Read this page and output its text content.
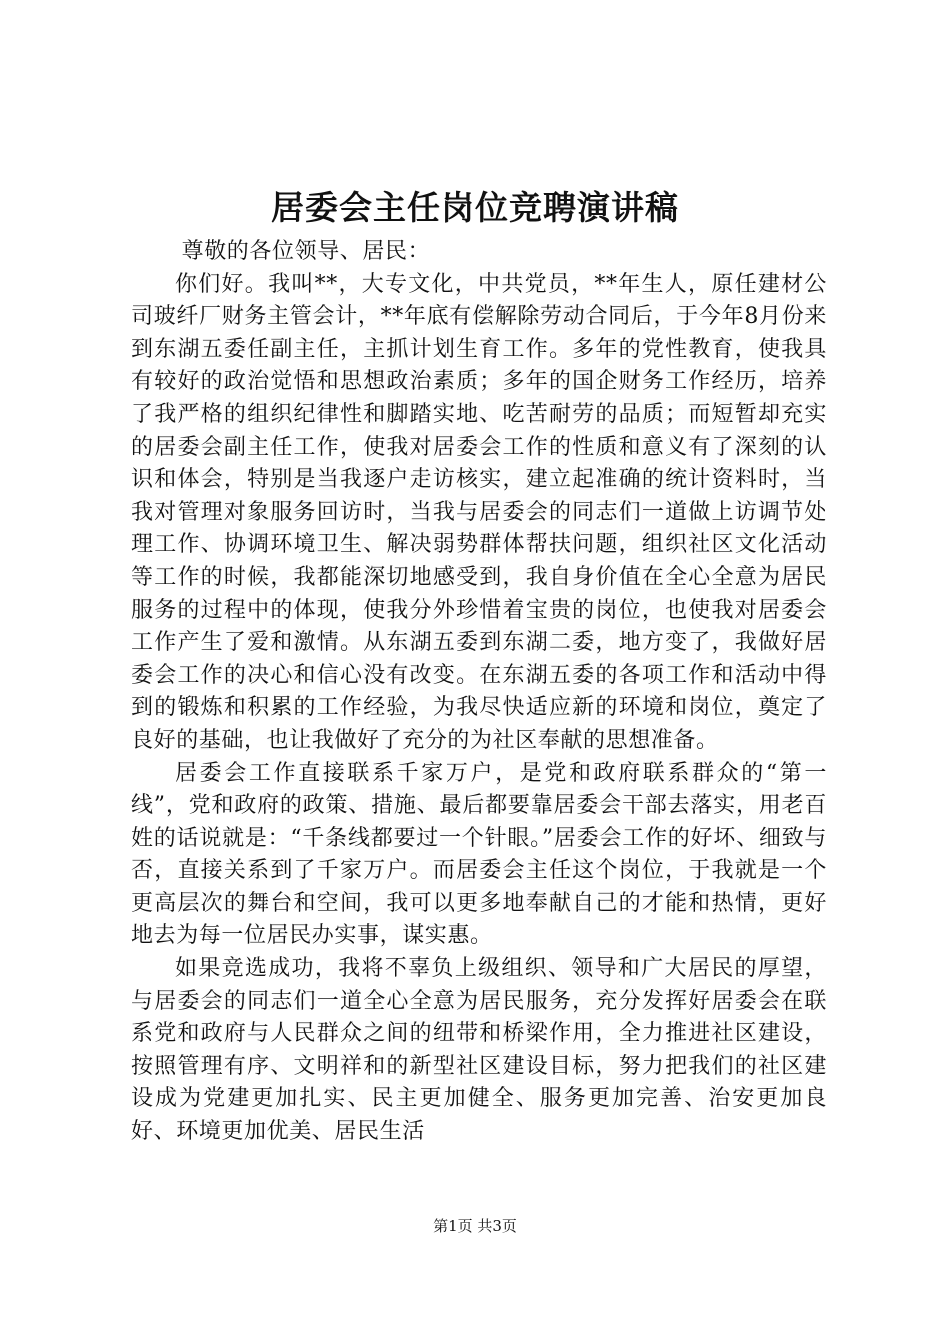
居委会主任岗位竞聘演讲稿

尊敬的各位领导、居民：

你们好。我叫**，大专文化，中共党员，**年生人，原任建材公司玻纤厂财务主管会计，**年底有偿解除劳动合同后，于今年8月份来到东湖五委任副主任，主抓计划生育工作。多年的党性教育，使我具有较好的政治觉悟和思想政治素质；多年的国企财务工作经历，培养了我严格的组织纪律性和脚踏实地、吃苦耐劳的品质；而短暂却充实的居委会副主任工作，使我对居委会工作的性质和意义有了深刻的认识和体会，特别是当我逐户走访核实，建立起准确的统计资料时，当我对管理对象服务回访时，当我与居委会的同志们一道做上访调节处理工作、协调环境卫生、解决弱势群体帮扶问题，组织社区文化活动等工作的时候，我都能深切地感受到，我自身价值在全心全意为居民服务的过程中的体现，使我分外珍惜着宝贵的岗位，也使我对居委会工作产生了爱和激情。从东湖五委到东湖二委，地方变了，我做好居委会工作的决心和信心没有改变。在东湖五委的各项工作和活动中得到的锻炼和积累的工作经验，为我尽快适应新的环境和岗位，奠定了良好的基础，也让我做好了充分的为社区奉献的思想准备。

居委会工作直接联系千家万户，是党和政府联系群众的“第一线”，党和政府的政策、措施、最后都要靠居委会干部去落实，用老百姓的话说就是：“千条线都要过一个针眼。”居委会工作的好坏、细致与否，直接关系到了千家万户。而居委会主任这个岗位，于我就是一个更高层次的舞台和空间，我可以更多地奉献自己的才能和热情，更好地去为每一位居民办实事，谋实惠。

如果竞选成功，我将不辜负上级组织、领导和广大居民的厚望，与居委会的同志们一道全心全意为居民服务，充分发挥好居委会在联系党和政府与人民群众之间的纽带和桥梁作用，全力推进社区建设，按照管理有序、文明祥和的新型社区建设目标，努力把我们的社区建设成为党建更加扎实、民主更加健全、服务更加完善、治安更加良好、环境更加优美、居民生活

第1页 共3页
